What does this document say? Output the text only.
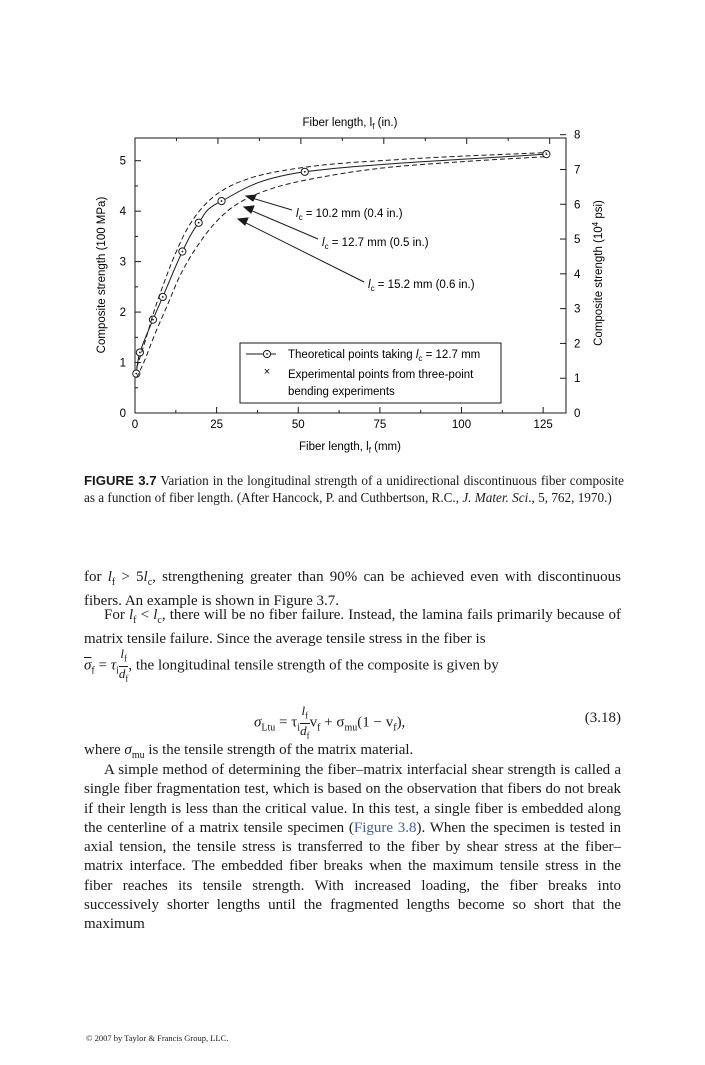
0	25	50	75	100	125
0
1
2
3
4
5
0
1
2
3
4
5
6
7
8
Fiber length, $l_f$ (in.)
Fiber length, $l_f$ (mm)
Composite strength (100 MPa)	Composite strength ($10^4$ psi)
$l_c = 10.2$ mm (0.4 in.)
$l_c = 12.7$ mm (0.5 in.)
$l_c = 15.2$ mm (0.6 in.)
×
Theoretical points taking $l_c = 12.7$ mm
Experimental points from three-point
bending experiments
FIGURE 3.7 Variation in the longitudinal strength of a unidirectional discontinuous fiber composite as a function of fiber length. (After Hancock, P. and Cuthbertson, R.C., J. Mater. Sci., 5, 762, 1970.)
for $l_f > 5l_c$, strengthening greater than 90% can be achieved even with discontinuous fibers. An example is shown in Figure 3.7.
For $l_f < l_c$, there will be no fiber failure. Instead, the lamina fails primarily because of matrix tensile failure. Since the average tensile stress in the fiber is
$\overline{\sigma}_f = \tau_i \frac{l_f}{d_f}$ , the longitudinal tensile strength of the composite is given by
$\sigma_{Ltu} = \tau_i \frac{l_f}{d_f} v_f + \sigma_{mu}(1 - v_f)$,	(3.18)
where $\sigma_{mu}$ is the tensile strength of the matrix material.
A simple method of determining the fiber–matrix interfacial shear strength is called a single fiber fragmentation test, which is based on the observation that fibers do not break if their length is less than the critical value. In this test, a single fiber is embedded along the centerline of a matrix tensile specimen (Figure 3.8). When the specimen is tested in axial tension, the tensile stress is transferred to the fiber by shear stress at the fiber–matrix interface. The embedded fiber breaks when the maximum tensile stress in the fiber reaches its tensile strength. With increased loading, the fiber breaks into successively shorter lengths until the fragmented lengths become so short that the maximum
© 2007 by Taylor & Francis Group, LLC.
